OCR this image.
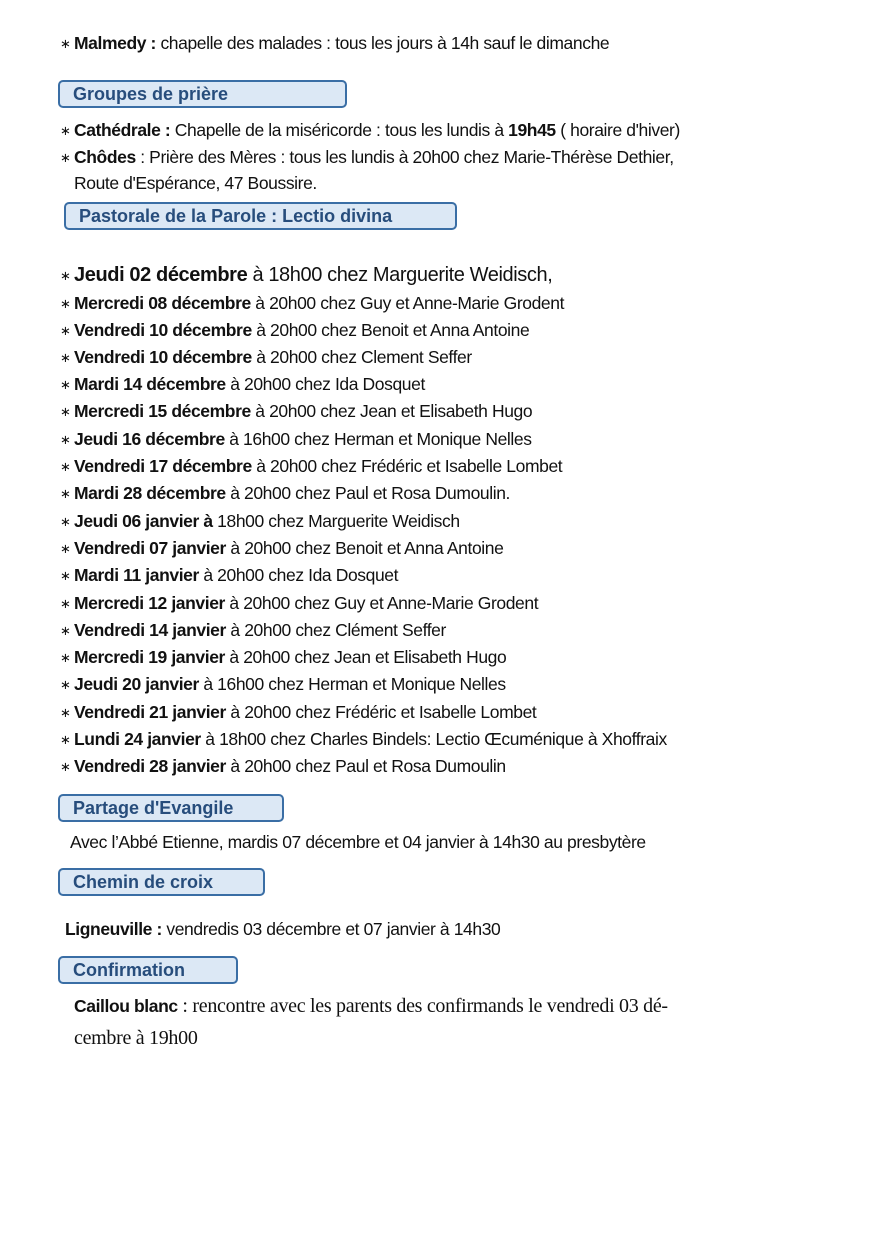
∗ Malmedy : chapelle des malades : tous les jours à 14h sauf le dimanche
Groupes de prière
∗ Cathédrale : Chapelle de la miséricorde : tous les lundis à 19h45 ( horaire d'hiver)
∗ Chôdes : Prière des Mères : tous les lundis à 20h00 chez Marie-Thérèse Dethier,
Route d'Espérance, 47 Boussire.
Pastorale de la Parole : Lectio divina
∗ Jeudi 02 décembre à 18h00 chez Marguerite Weidisch,
∗ Mercredi 08 décembre à 20h00 chez Guy et Anne-Marie Grodent
∗ Vendredi 10 décembre à 20h00 chez Benoit et Anna Antoine
∗ Vendredi 10 décembre à 20h00 chez Clement Seffer
∗ Mardi 14 décembre à 20h00 chez Ida Dosquet
∗ Mercredi 15 décembre à 20h00 chez Jean et Elisabeth Hugo
∗ Jeudi 16 décembre à 16h00 chez Herman et Monique Nelles
∗ Vendredi 17 décembre à 20h00 chez Frédéric et Isabelle Lombet
∗ Mardi 28 décembre à 20h00 chez Paul et Rosa Dumoulin.
∗ Jeudi 06 janvier à 18h00 chez Marguerite Weidisch
∗ Vendredi 07 janvier à 20h00 chez Benoit et Anna Antoine
∗ Mardi 11 janvier à 20h00 chez Ida Dosquet
∗ Mercredi 12 janvier à 20h00 chez Guy et Anne-Marie Grodent
∗ Vendredi 14 janvier à 20h00 chez Clément Seffer
∗ Mercredi 19 janvier à 20h00 chez Jean et Elisabeth Hugo
∗ Jeudi 20 janvier à 16h00 chez Herman et Monique Nelles
∗ Vendredi 21 janvier à 20h00 chez Frédéric et Isabelle Lombet
∗ Lundi 24 janvier à 18h00 chez Charles Bindels: Lectio Œcuménique à Xhoffraix
∗ Vendredi 28 janvier à 20h00 chez Paul et Rosa Dumoulin
Partage d'Evangile
Avec l’Abbé Etienne, mardis 07 décembre et 04 janvier à 14h30 au presbytère
Chemin de croix
Ligneuville : vendredis 03 décembre et 07 janvier à 14h30
Confirmation
Caillou blanc : rencontre avec les parents des confirmands le vendredi 03 dé-
cembre à 19h00
